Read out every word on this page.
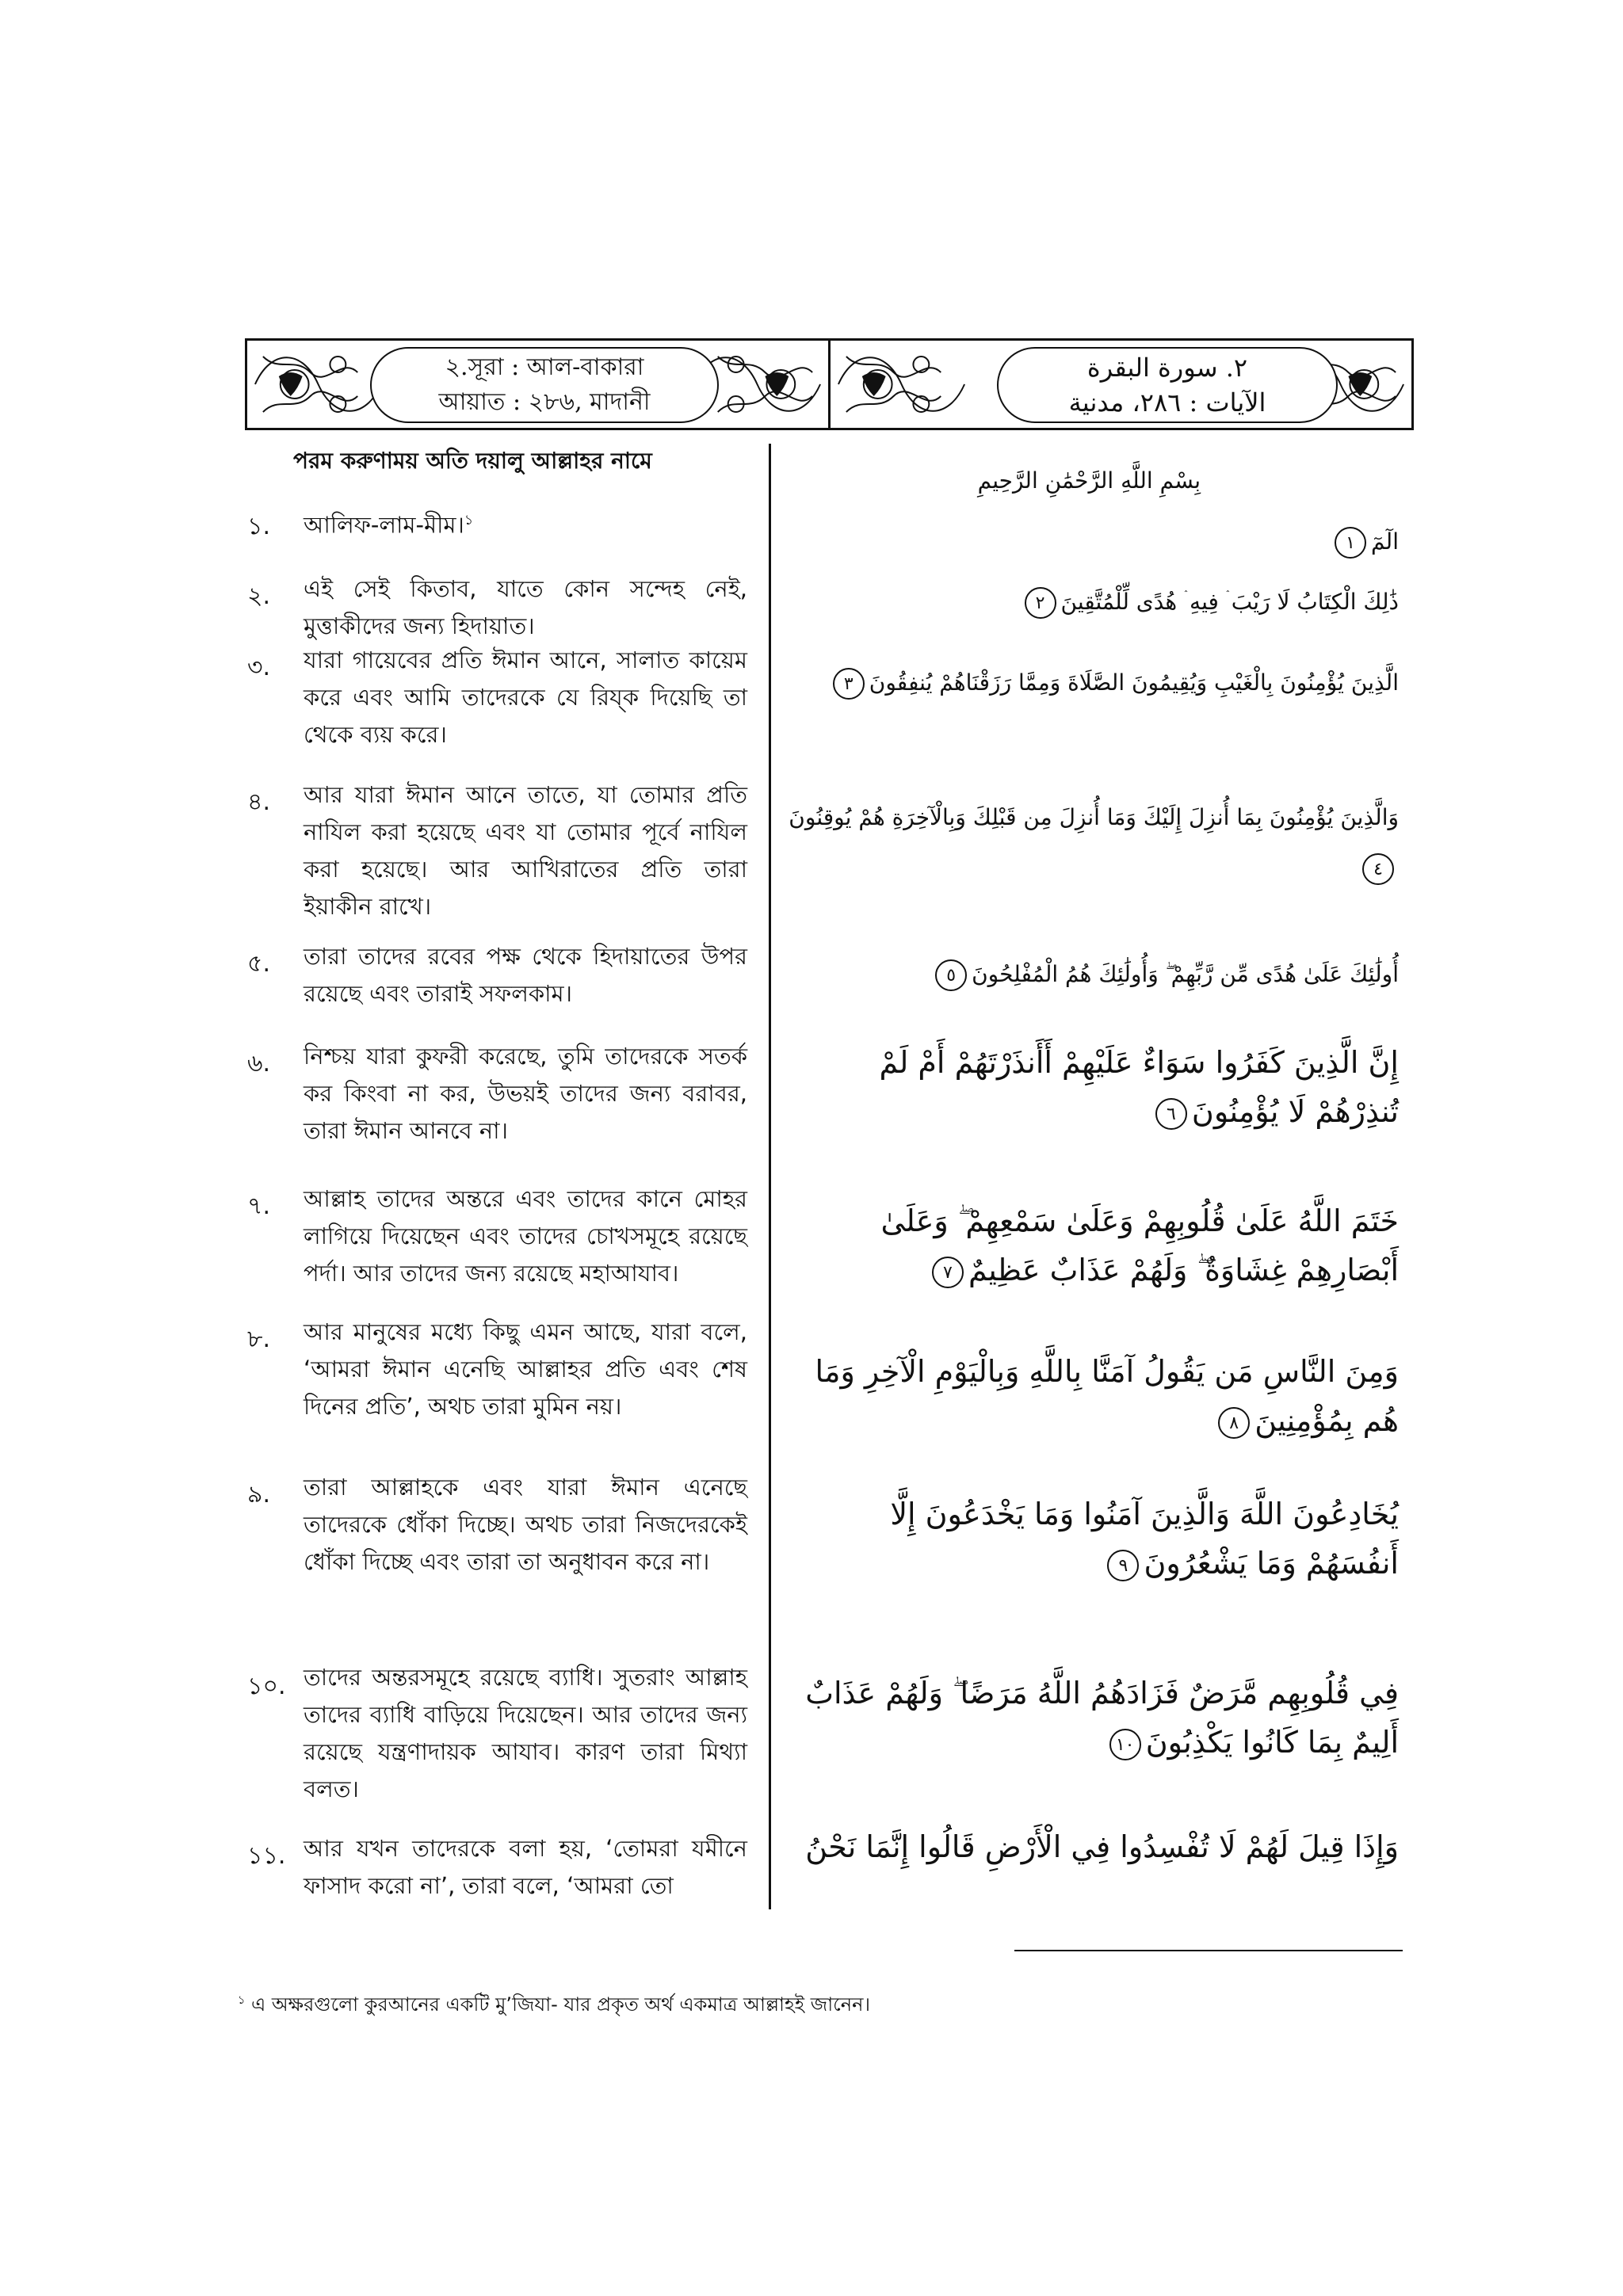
২.সূরা : আল-বাকারা
আয়াত : ২৮৬, মাদানী
٢. سورة البقرة
الآيات : ٢٨٦، مدنية
পরম করুণাময় অতি দয়ালু আল্লাহর নামে
بِسْمِ اللَّهِ الرَّحْمَٰنِ الرَّحِيمِ
১. আলিফ-লাম-মীম।$^১$
الٓمٓ١
২. এই সেই কিতাব, যাতে কোন সন্দেহ নেই, মুত্তাকীদের জন্য হিদায়াত।
ذَٰلِكَ الْكِتَابُ لَا رَيْبَ ۛ فِيهِ ۛ هُدًى لِّلْمُتَّقِينَ٢
৩. যারা গায়েবের প্রতি ঈমান আনে, সালাত কায়েম করে এবং আমি তাদেরকে যে রিয্ক দিয়েছি তা থেকে ব্যয় করে।
الَّذِينَ يُؤْمِنُونَ بِالْغَيْبِ وَيُقِيمُونَ الصَّلَاةَ وَمِمَّا رَزَقْنَاهُمْ يُنفِقُونَ٣
৪. আর যারা ঈমান আনে তাতে, যা তোমার প্রতি নাযিল করা হয়েছে এবং যা তোমার পূর্বে নাযিল করা হয়েছে। আর আখিরাতের প্রতি তারা ইয়াকীন রাখে।
وَالَّذِينَ يُؤْمِنُونَ بِمَا أُنزِلَ إِلَيْكَ وَمَا أُنزِلَ مِن قَبْلِكَ وَبِالْآخِرَةِ هُمْ يُوقِنُونَ٤
৫. তারা তাদের রবের পক্ষ থেকে হিদায়াতের উপর রয়েছে এবং তারাই সফলকাম।
أُولَٰئِكَ عَلَىٰ هُدًى مِّن رَّبِّهِمْ ۖ وَأُولَٰئِكَ هُمُ الْمُفْلِحُونَ٥
৬. নিশ্চয় যারা কুফরী করেছে, তুমি তাদেরকে সতর্ক কর কিংবা না কর, উভয়ই তাদের জন্য বরাবর, তারা ঈমান আনবে না।
إِنَّ الَّذِينَ كَفَرُوا سَوَاءٌ عَلَيْهِمْ أَأَنذَرْتَهُمْ أَمْ لَمْ تُنذِرْهُمْ لَا يُؤْمِنُونَ٦
৭. আল্লাহ তাদের অন্তরে এবং তাদের কানে মোহর লাগিয়ে দিয়েছেন এবং তাদের চোখসমূহে রয়েছে পর্দা। আর তাদের জন্য রয়েছে মহাআযাব।
خَتَمَ اللَّهُ عَلَىٰ قُلُوبِهِمْ وَعَلَىٰ سَمْعِهِمْ ۖ وَعَلَىٰ أَبْصَارِهِمْ غِشَاوَةٌ ۖ وَلَهُمْ عَذَابٌ عَظِيمٌ٧
৮. আর মানুষের মধ্যে কিছু এমন আছে, যারা বলে, ‘আমরা ঈমান এনেছি আল্লাহর প্রতি এবং শেষ দিনের প্রতি’, অথচ তারা মুমিন নয়।
وَمِنَ النَّاسِ مَن يَقُولُ آمَنَّا بِاللَّهِ وَبِالْيَوْمِ الْآخِرِ وَمَا هُم بِمُؤْمِنِينَ٨
৯. তারা আল্লাহকে এবং যারা ঈমান এনেছে তাদেরকে ধোঁকা দিচ্ছে। অথচ তারা নিজদেরকেই ধোঁকা দিচ্ছে এবং তারা তা অনুধাবন করে না।
يُخَادِعُونَ اللَّهَ وَالَّذِينَ آمَنُوا وَمَا يَخْدَعُونَ إِلَّا أَنفُسَهُمْ وَمَا يَشْعُرُونَ٩
১০. তাদের অন্তরসমূহে রয়েছে ব্যাধি। সুতরাং আল্লাহ তাদের ব্যাধি বাড়িয়ে দিয়েছেন। আর তাদের জন্য রয়েছে যন্ত্রণাদায়ক আযাব। কারণ তারা মিথ্যা বলত।
فِي قُلُوبِهِم مَّرَضٌ فَزَادَهُمُ اللَّهُ مَرَضًا ۖ وَلَهُمْ عَذَابٌ أَلِيمٌ بِمَا كَانُوا يَكْذِبُونَ١٠
১১. আর যখন তাদেরকে বলা হয়, ‘তোমরা যমীনে ফাসাদ করো না’, তারা বলে, ‘আমরা তো
وَإِذَا قِيلَ لَهُمْ لَا تُفْسِدُوا فِي الْأَرْضِ قَالُوا إِنَّمَا نَحْنُ
$^১$ এ অক্ষরগুলো কুরআনের একটি মু’জিযা- যার প্রকৃত অর্থ একমাত্র আল্লাহই জানেন।
